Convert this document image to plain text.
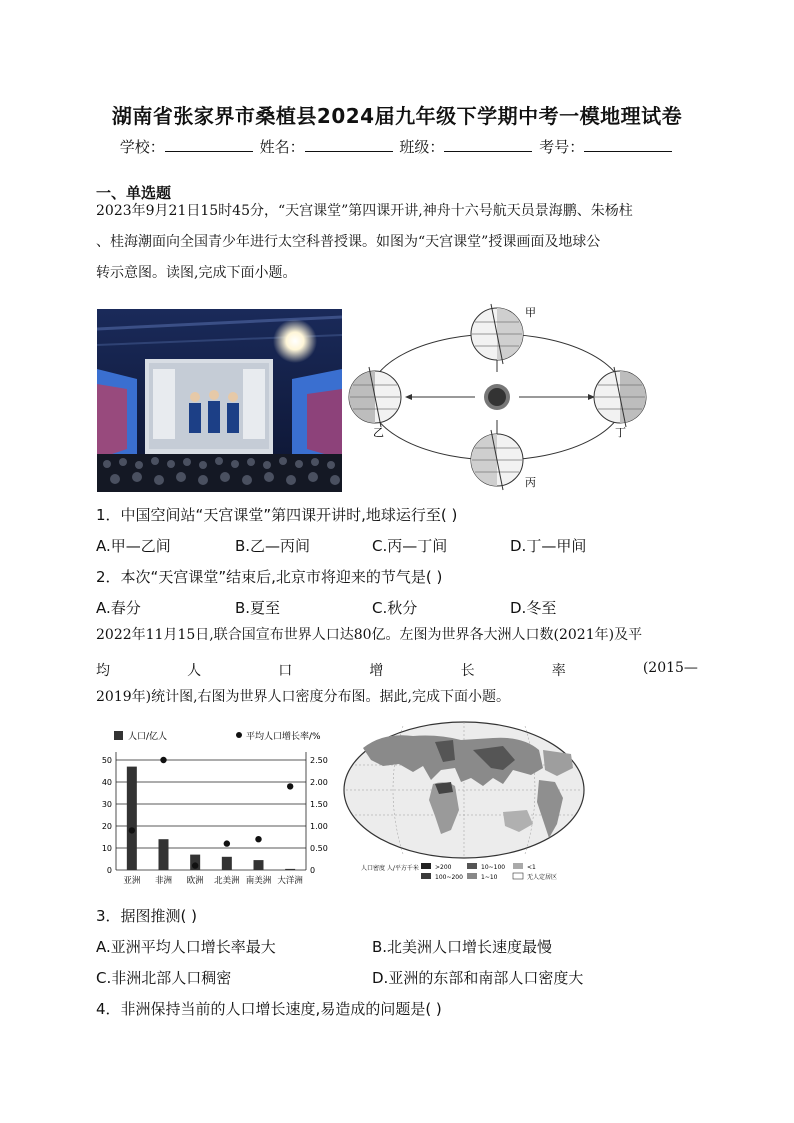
湖南省张家界市桑植县2024届九年级下学期中考一模地理试卷
学校：	姓名：	班级：	考号：
一、单选题
2023年9月21日15时45分，“天宫课堂”第四课开讲,神舟十六号航天员景海鹏、朱杨柱
、桂海潮面向全国青少年进行太空科普授课。如图为“天宫课堂”授课画面及地球公
转示意图。读图,完成下面小题。
甲
乙
丙
丁
1．中国空间站“天宫课堂”第四课开讲时,地球运行至( )
A.甲—乙间	B.乙—丙间	C.丙—丁间	D.丁—甲间
2．本次“天宫课堂”结束后,北京市将迎来的节气是( )
A.春分	B.夏至	C.秋分	D.冬至
2022年11月15日,联合国宣布世界人口达80亿。左图为世界各大洲人口数(2021年)及平
均	人	口	增	长	率	(2015—
2019年)统计图,右图为世界人口密度分布图。据此,完成下面小题。
人口/亿人	平均人口增长率/%
0
10
20
30
40
50
0
0.50
1.00
1.50
2.00
2.50
亚洲 非洲 欧洲 北美洲 南美洲 大洋洲
人口密度 人/平方千米	>200	10~100	<1
100~200	1~10	无人定居区
3．据图推测( )
A.亚洲平均人口增长率最大	B.北美洲人口增长速度最慢
C.非洲北部人口稠密	D.亚洲的东部和南部人口密度大
4．非洲保持当前的人口增长速度,易造成的问题是( )
